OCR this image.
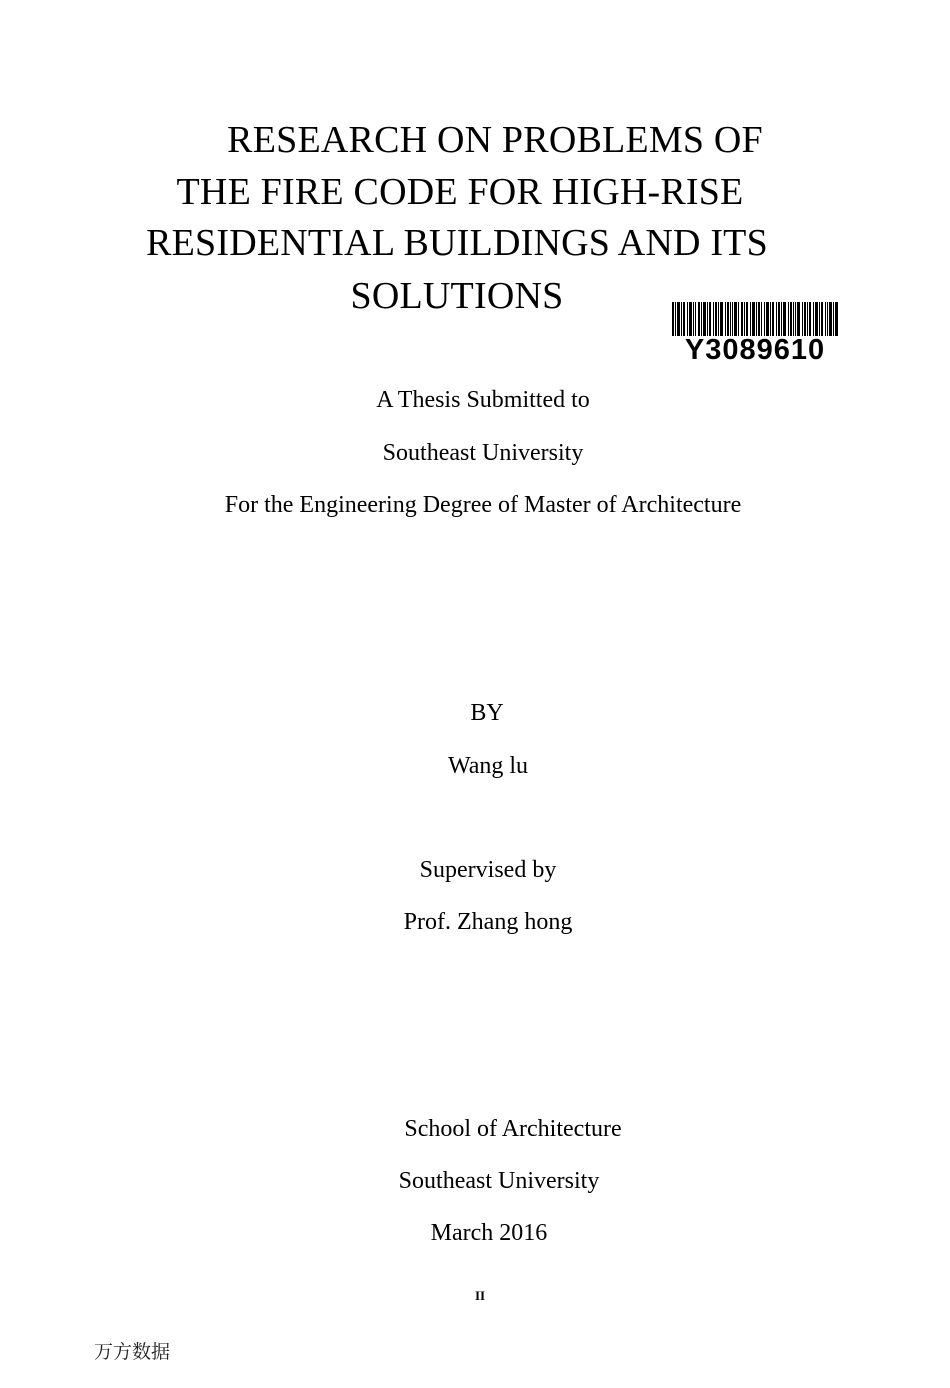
RESEARCH ON PROBLEMS OF
THE FIRE CODE FOR HIGH-RISE
RESIDENTIAL BUILDINGS AND ITS
SOLUTIONS
Y3089610
A Thesis Submitted to
Southeast University
For the Engineering Degree of Master of Architecture
BY
Wang lu
Supervised by
Prof. Zhang hong
School of Architecture
Southeast University
March 2016
II
万方数据
